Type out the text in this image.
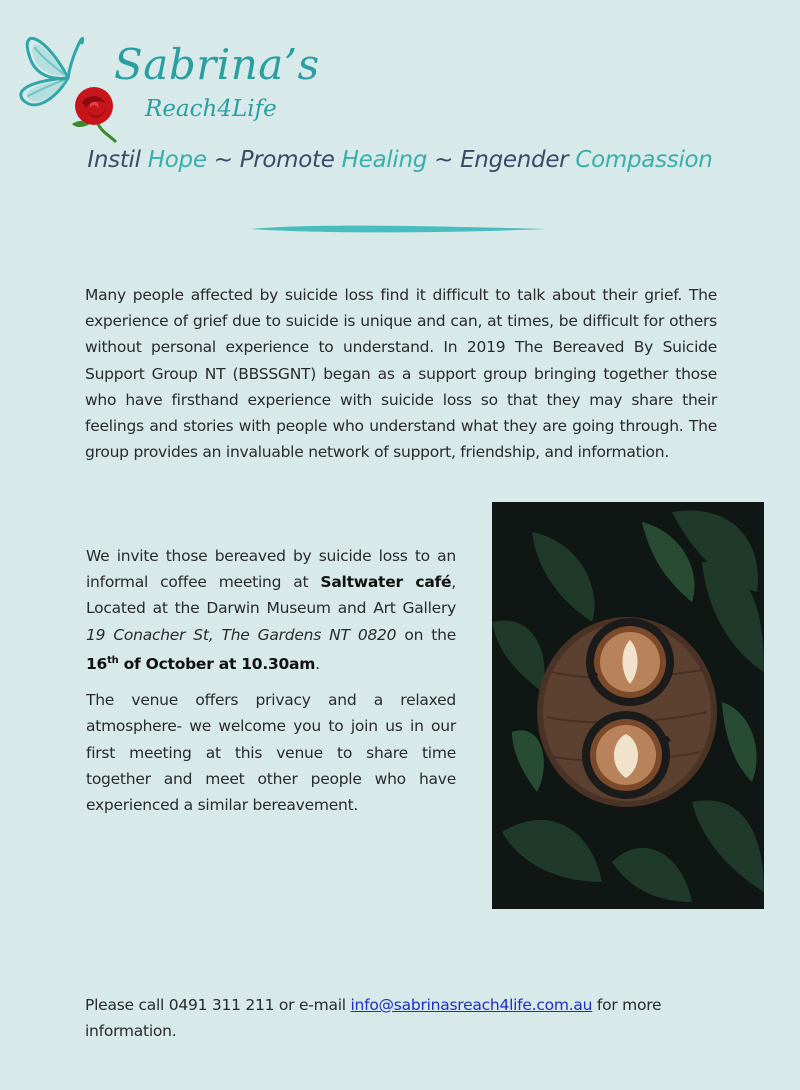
Sabrina’s
Reach4Life
Instil Hope ~ Promote Healing ~ Engender Compassion
Many people affected by suicide loss find it difficult to talk about their grief. The experience of grief due to suicide is unique and can, at times, be difficult for others without personal experience to understand. In 2019 The Bereaved By Suicide Support Group NT (BBSSGNT) began as a support group bringing together those who have firsthand experience with suicide loss so that they may share their feelings and stories with people who understand what they are going through. The group provides an invaluable network of support, friendship, and information.

We invite those bereaved by suicide loss to an informal coffee meeting at Saltwater café, Located at the Darwin Museum and Art Gallery 19 Conacher St, The Gardens NT 0820 on the 16th of October at 10.30am.

The venue offers privacy and a relaxed atmosphere- we welcome you to join us in our first meeting at this venue to share time together and meet other people who have experienced a similar bereavement.

Please call 0491 311 211 or e-mail info@sabrinasreach4life.com.au for more information.
